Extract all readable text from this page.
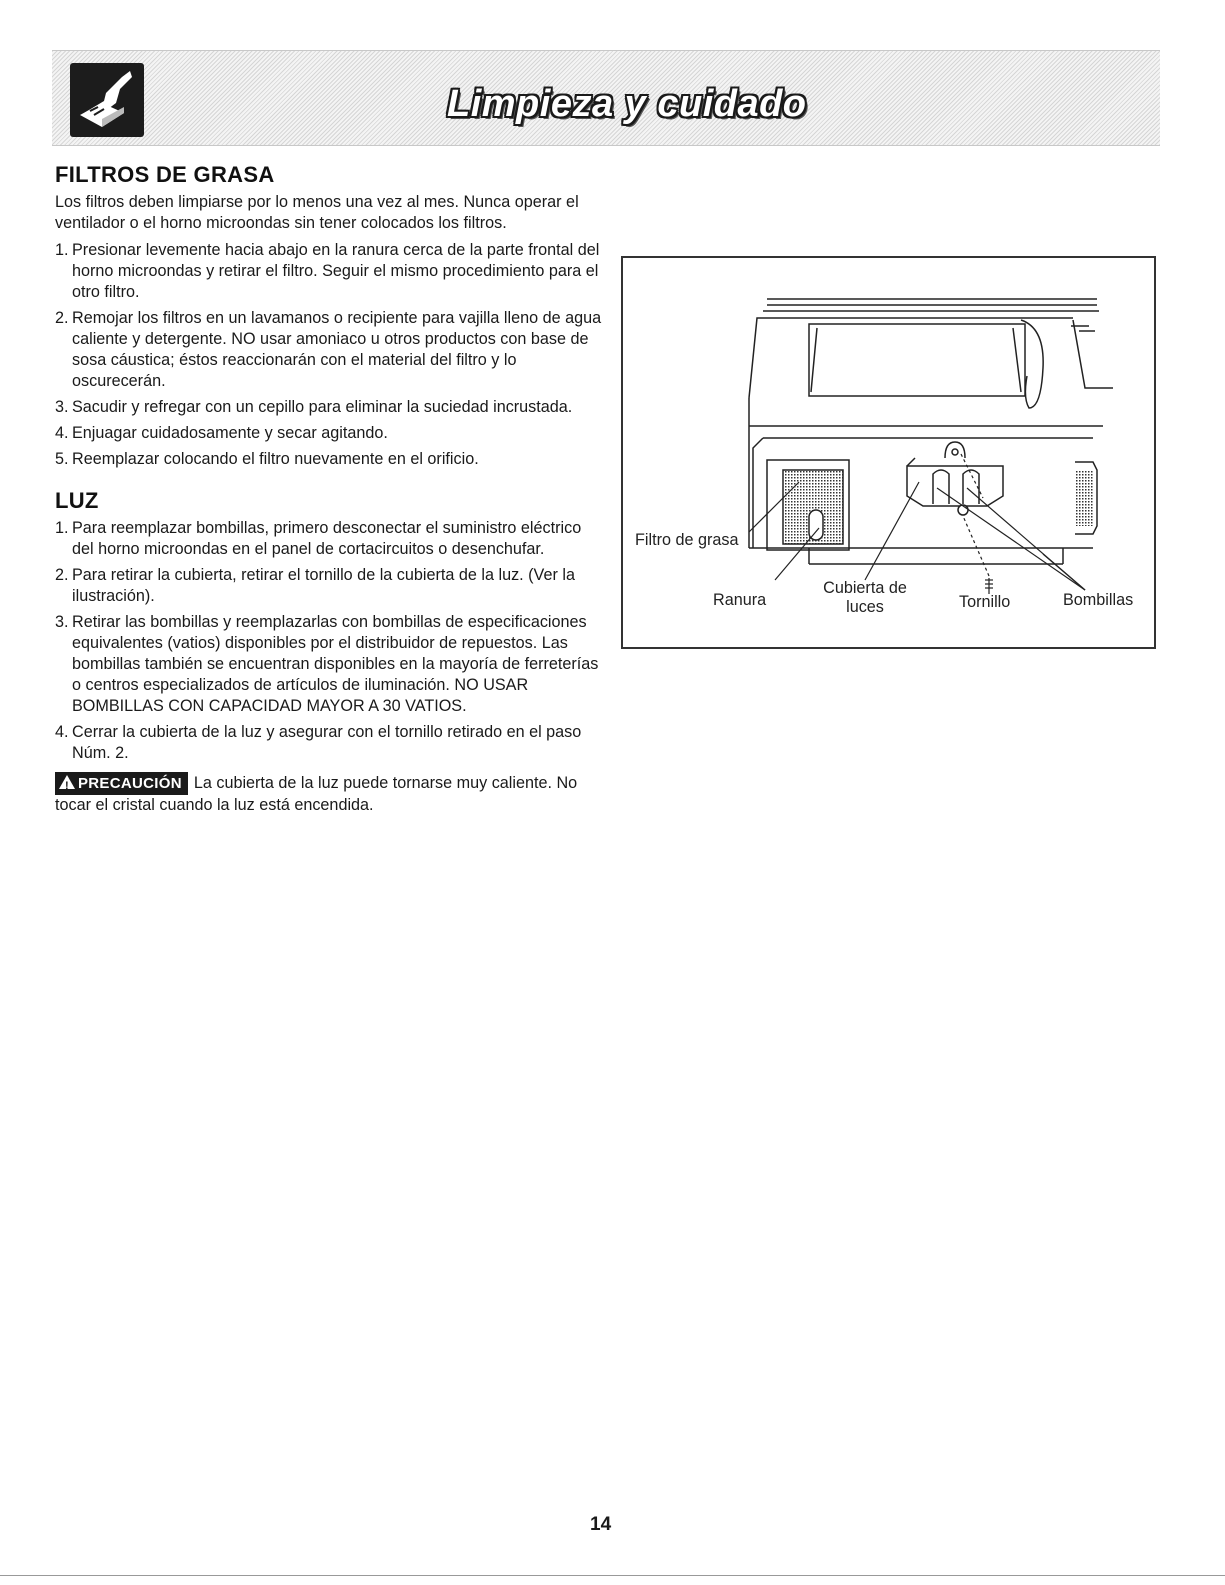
Limpieza y cuidado
FILTROS DE GRASA

Los filtros deben limpiarse por lo menos una vez al mes. Nunca operar el ventilador o el horno microondas sin tener colocados los filtros.

1. Presionar levemente hacia abajo en la ranura cerca de la parte frontal del horno microondas y retirar el filtro. Seguir el mismo procedimiento para el otro filtro.
2. Remojar los filtros en un lavamanos o recipiente para vajilla lleno de agua caliente y detergente. NO usar amoniaco u otros productos con base de sosa cáustica; éstos reaccionarán con el material del filtro y lo oscurecerán.
3. Sacudir y refregar con un cepillo para eliminar la suciedad incrustada.
4. Enjuagar cuidadosamente y secar agitando.
5. Reemplazar colocando el filtro nuevamente en el orificio.
LUZ
1. Para reemplazar bombillas, primero desconectar el suministro eléctrico del horno microondas en el panel de cortacircuitos o desenchufar.
2. Para retirar la cubierta, retirar el tornillo de la cubierta de la luz. (Ver la ilustración).
3. Retirar las bombillas y reemplazarlas con bombillas de especificaciones equivalentes (vatios) disponibles por el distribuidor de repuestos. Las bombillas también se encuentran disponibles en la mayoría de ferreterías o centros especializados de artículos de iluminación. NO USAR BOMBILLAS CON CAPACIDAD MAYOR A 30 VATIOS.
4. Cerrar la cubierta de la luz y asegurar con el tornillo retirado en el paso Núm. 2.
!PRECAUCIÓN La cubierta de la luz puede tornarse muy caliente. No tocar el cristal cuando la luz está encendida.
Filtro de grasa
Ranura
Cubierta de
luces	Tornillo	Bombillas
14
